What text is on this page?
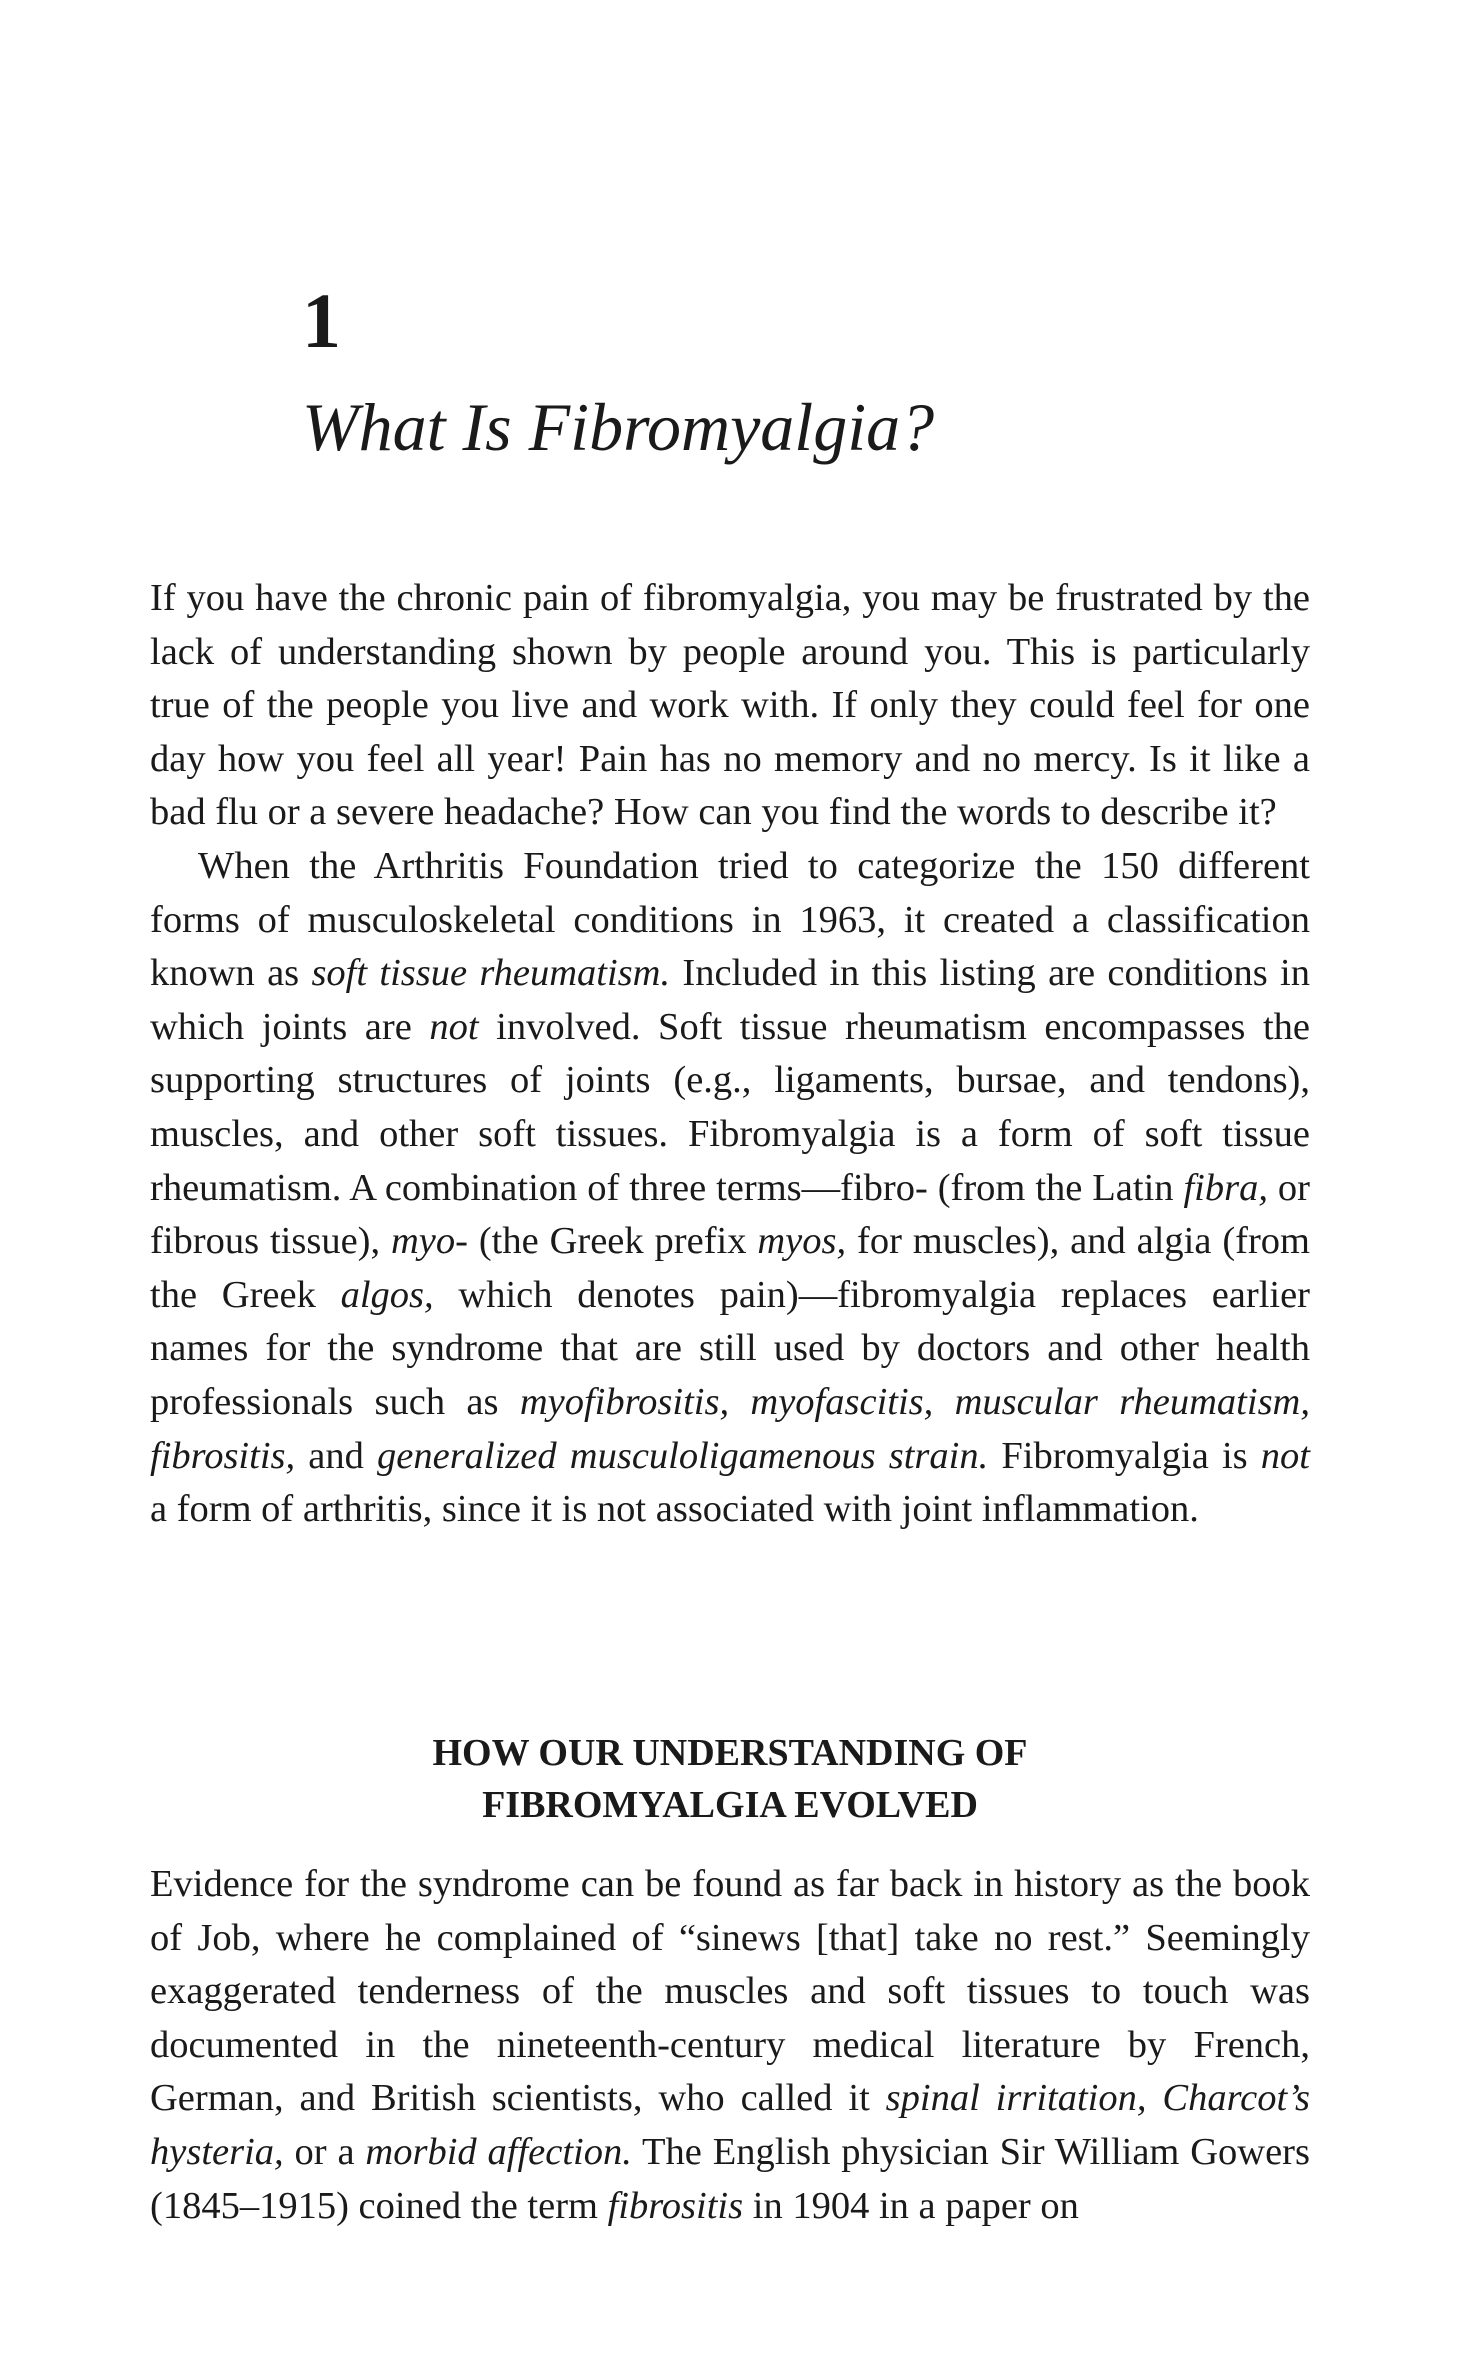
1
What Is Fibromyalgia?

If you have the chronic pain of fibromyalgia, you may be frustrated by the lack of understanding shown by people around you. This is particularly true of the people you live and work with. If only they could feel for one day how you feel all year! Pain has no memory and no mercy. Is it like a bad flu or a severe headache? How can you find the words to describe it?

When the Arthritis Foundation tried to categorize the 150 different forms of musculoskeletal conditions in 1963, it created a classification known as soft tissue rheumatism. Included in this listing are conditions in which joints are not involved. Soft tissue rheumatism encompasses the supporting structures of joints (e.g., ligaments, bursae, and tendons), muscles, and other soft tissues. Fibromyalgia is a form of soft tissue rheumatism. A combination of three terms—fibro- (from the Latin fibra, or fibrous tissue), myo- (the Greek prefix myos, for muscles), and algia (from the Greek algos, which denotes pain)—fibromyalgia replaces earlier names for the syndrome that are still used by doctors and other health professionals such as myofibrositis, myofascitis, muscular rheumatism, fibrositis, and generalized musculoligamenous strain. Fibromyalgia is not a form of arthritis, since it is not associated with joint inflammation.

HOW OUR UNDERSTANDING OF
FIBROMYALGIA EVOLVED

Evidence for the syndrome can be found as far back in history as the book of Job, where he complained of “sinews [that] take no rest.” Seemingly exaggerated tenderness of the muscles and soft tissues to touch was documented in the nineteenth-century medical literature by French, German, and British scientists, who called it spinal irritation, Charcot’s hysteria, or a morbid affection. The English physician Sir William Gowers (1845–1915) coined the term fibrositis in 1904 in a paper on
